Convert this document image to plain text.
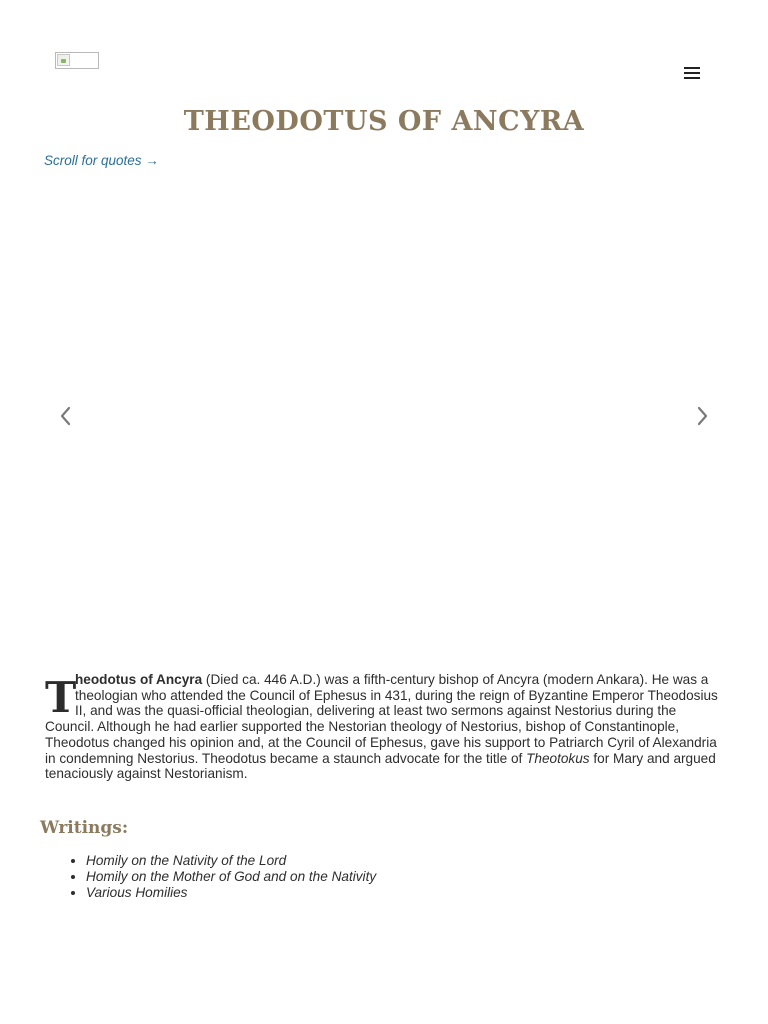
THEODOTUS OF ANCYRA
Scroll for quotes →

T
heodotus of Ancyra (Died ca. 446 A.D.) was a fifth-century bishop of Ancyra (modern Ankara). He was a theologian who attended the Council of Ephesus in 431, during the reign of Byzantine Emperor Theodosius II, and was the quasi-official theologian, delivering at least two sermons against Nestorius during the Council. Although he had earlier supported the Nestorian theology of Nestorius, bishop of Constantinople, Theodotus changed his opinion and, at the Council of Ephesus, gave his support to Patriarch Cyril of Alexandria in condemning Nestorius. Theodotus became a staunch advocate for the title of Theotokus for Mary and argued tenaciously against Nestorianism.

Writings:
• Homily on the Nativity of the Lord
• Homily on the Mother of God and on the Nativity
• Various Homilies
